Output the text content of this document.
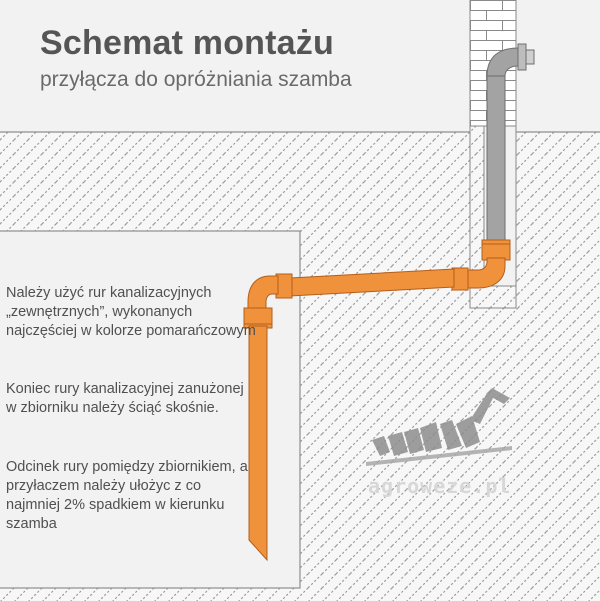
Schemat montażu

przyłącza do opróżniania szamba

Należy użyć rur kanalizacyjnych „zewnętrznych”, wykonanych najczęściej w kolorze pomarańczowym

Koniec rury kanalizacyjnej zanużonej w zbiorniku należy ściąć skośnie.

Odcinek rury pomiędzy zbiornikiem, a przyłaczem należy ułożyc z co najmniej 2% spadkiem w kierunku szamba

agroweze.pl
